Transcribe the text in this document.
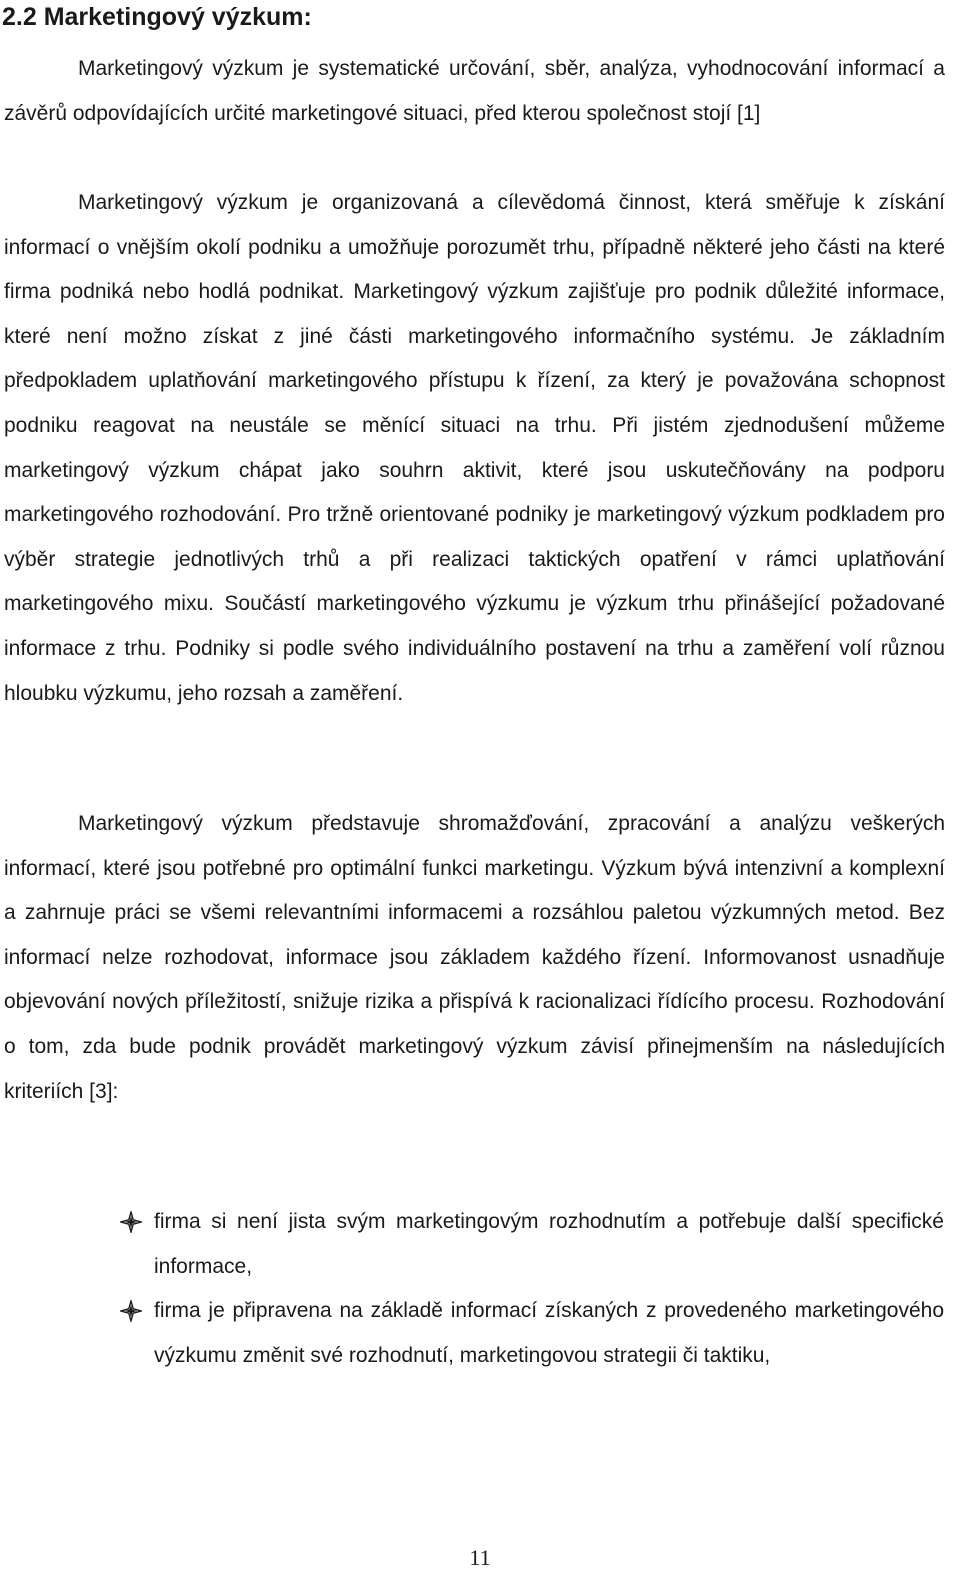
2.2 Marketingový výzkum:

Marketingový výzkum je systematické určování, sběr, analýza, vyhodnocování informací a závěrů odpovídajících určité marketingové situaci, před kterou společnost stojí [1]

Marketingový výzkum je organizovaná a cílevědomá činnost, která směřuje k získání informací o vnějším okolí podniku a umožňuje porozumět trhu, případně některé jeho části na které firma podniká nebo hodlá podnikat. Marketingový výzkum zajišťuje pro podnik důležité informace, které není možno získat z jiné části marketingového informačního systému. Je základním předpokladem uplatňování marketingového přístupu k řízení, za který je považována schopnost podniku reagovat na neustále se měnící situaci na trhu. Při jistém zjednodušení můžeme marketingový výzkum chápat jako souhrn aktivit, které jsou uskutečňovány na podporu marketingového rozhodování. Pro tržně orientované podniky je marketingový výzkum podkladem pro výběr strategie jednotlivých trhů a při realizaci taktických opatření v rámci uplatňování marketingového mixu. Součástí marketingového výzkumu je výzkum trhu přinášející požadované informace z trhu. Podniky si podle svého individuálního postavení na trhu a zaměření volí různou hloubku výzkumu, jeho rozsah a zaměření.

Marketingový výzkum představuje shromažďování, zpracování a analýzu veškerých informací, které jsou potřebné pro optimální funkci marketingu. Výzkum bývá intenzivní a komplexní a zahrnuje práci se všemi relevantními informacemi a rozsáhlou paletou výzkumných metod. Bez informací nelze rozhodovat, informace jsou základem každého řízení. Informovanost usnadňuje objevování nových příležitostí, snižuje rizika a přispívá k racionalizaci řídícího procesu. Rozhodování o tom, zda bude podnik provádět marketingový výzkum závisí přinejmenším na následujících kriteriích [3]:

firma si není jista svým marketingovým rozhodnutím a potřebuje další specifické informace,
firma je připravena na základě informací získaných z provedeného marketingového výzkumu změnit své rozhodnutí, marketingovou strategii či taktiku,
11
